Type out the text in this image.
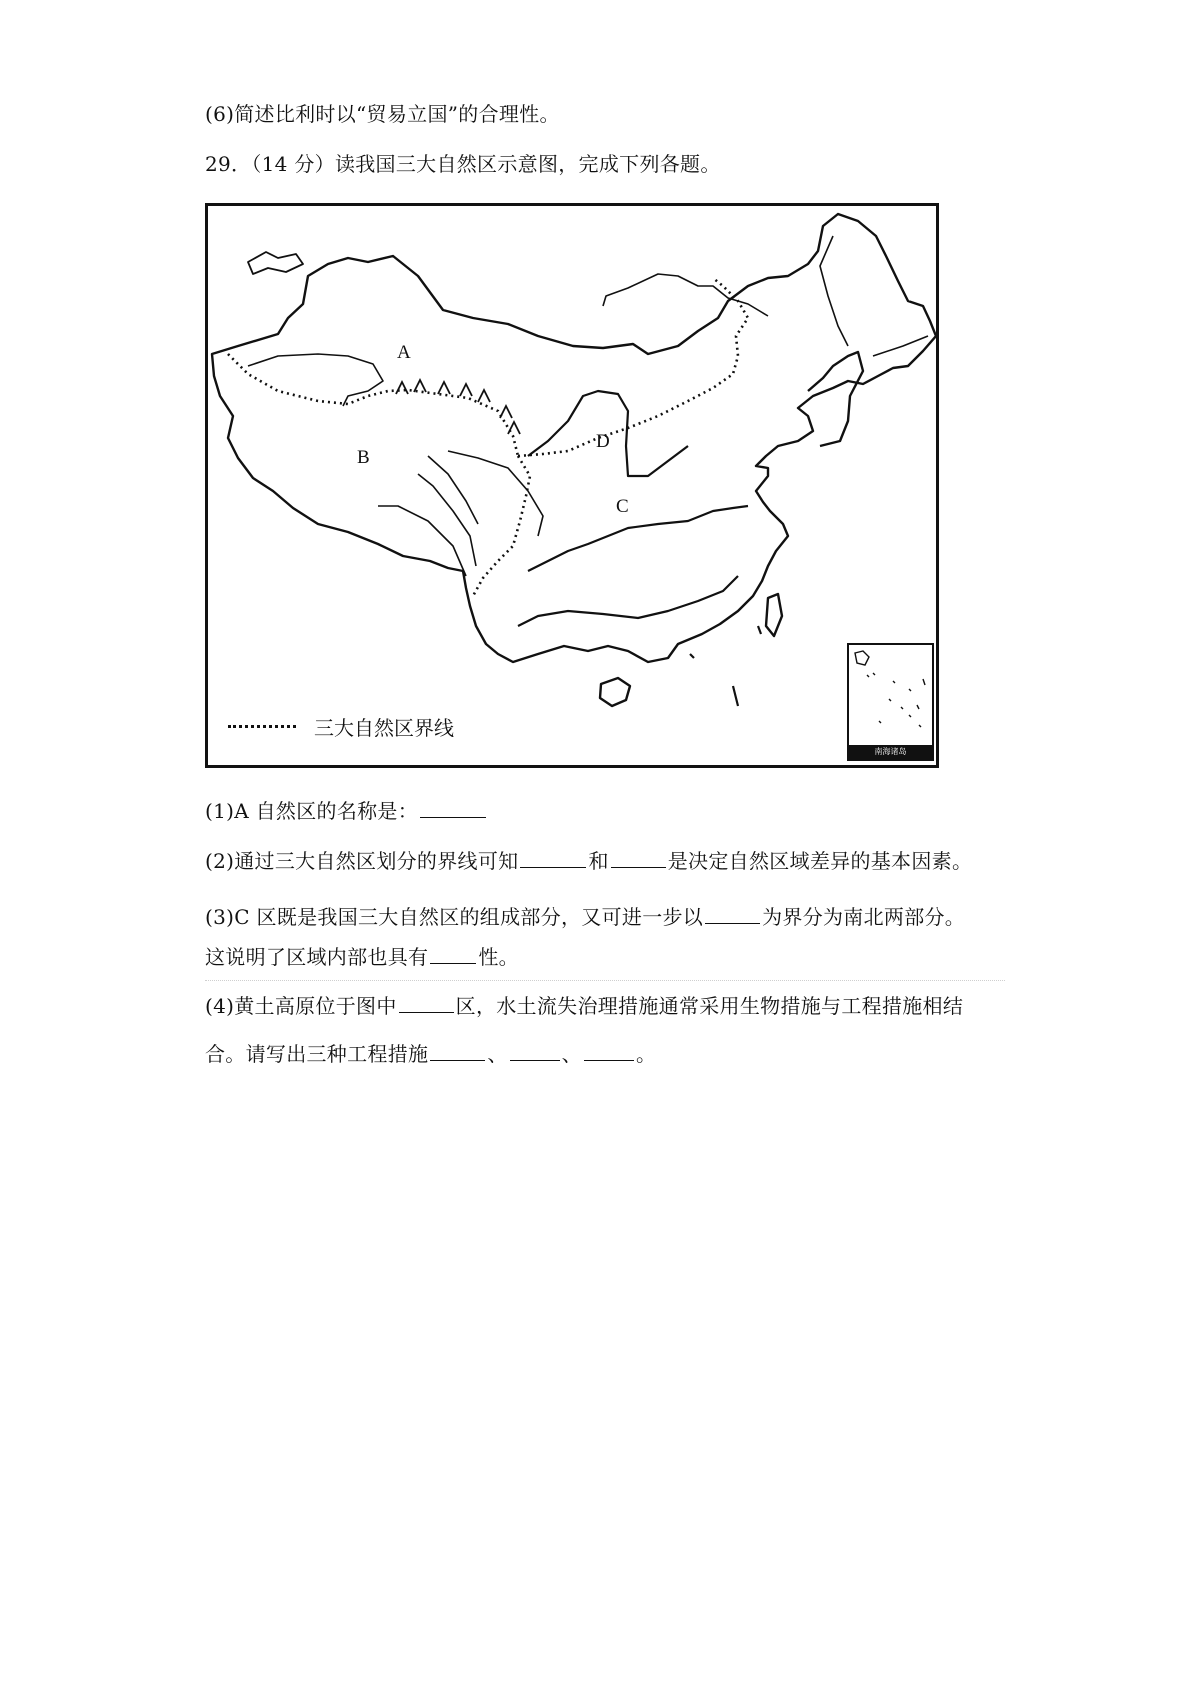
(6)简述比利时以“贸易立国”的合理性。
29．（14 分）读我国三大自然区示意图，完成下列各题。
A
B
C
D
三大自然区界线
南海诸岛
(1)A 自然区的名称是：
(2)通过三大自然区划分的界线可知	和	是决定自然区域差异的基本因素。
(3)C 区既是我国三大自然区的组成部分，又可进一步以	为界分为南北两部分。
这说明了区域内部也具有	性。
(4)黄土高原位于图中	区，水土流失治理措施通常采用生物措施与工程措施相结
合。请写出三种工程措施	、	、	。
